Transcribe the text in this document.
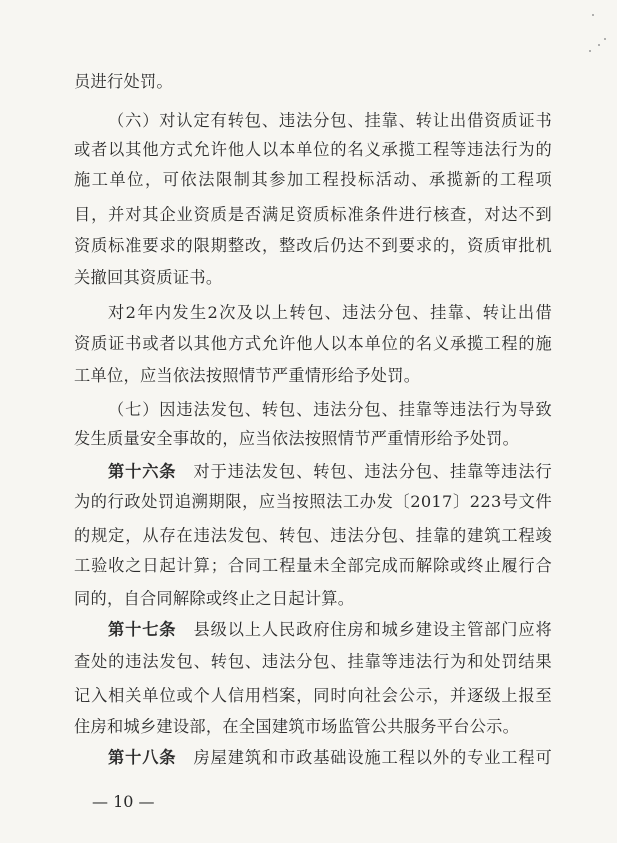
员进行处罚。
（六）对认定有转包、违法分包、挂靠、转让出借资质证书
或者以其他方式允许他人以本单位的名义承揽工程等违法行为的
施工单位，可依法限制其参加工程投标活动、承揽新的工程项
目，并对其企业资质是否满足资质标准条件进行核查，对达不到
资质标准要求的限期整改，整改后仍达不到要求的，资质审批机
关撤回其资质证书。
对2年内发生2次及以上转包、违法分包、挂靠、转让出借
资质证书或者以其他方式允许他人以本单位的名义承揽工程的施
工单位，应当依法按照情节严重情形给予处罚。
（七）因违法发包、转包、违法分包、挂靠等违法行为导致
发生质量安全事故的，应当依法按照情节严重情形给予处罚。
第十六条　 对于违法发包、转包、违法分包、挂靠等违法行
为的行政处罚追溯期限，应当按照法工办发〔2017〕223号文件
的规定，从存在违法发包、转包、违法分包、挂靠的建筑工程竣
工验收之日起计算；合同工程量未全部完成而解除或终止履行合
同的，自合同解除或终止之日起计算。
第十七条　 县级以上人民政府住房和城乡建设主管部门应将
查处的违法发包、转包、违法分包、挂靠等违法行为和处罚结果
记入相关单位或个人信用档案，同时向社会公示，并逐级上报至
住房和城乡建设部，在全国建筑市场监管公共服务平台公示。
第十八条　 房屋建筑和市政基础设施工程以外的专业工程可
— 10 —
